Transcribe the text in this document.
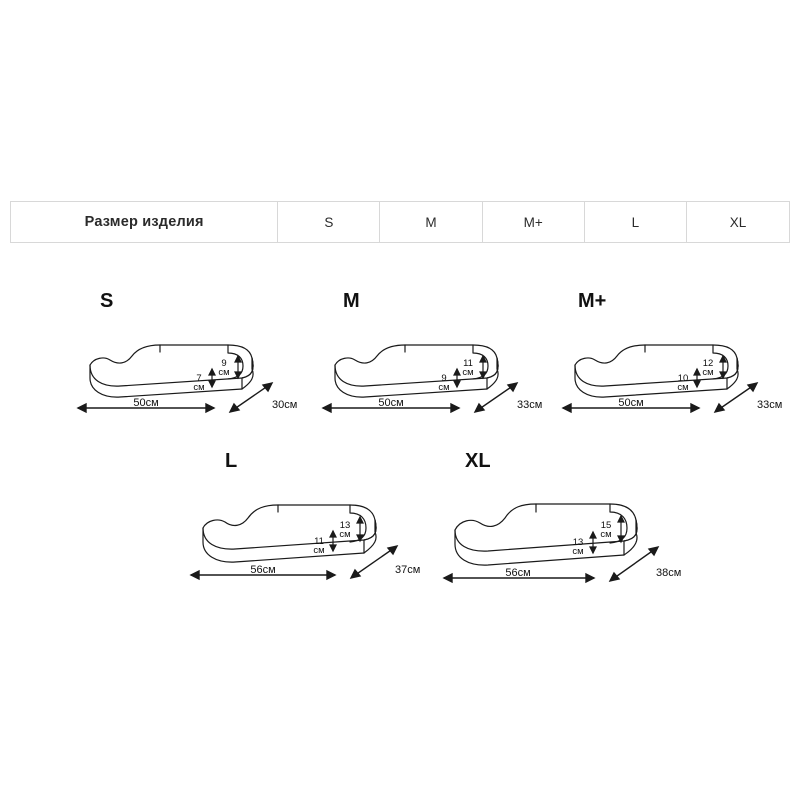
Размер изделия	S	M	M+	L	XL
S
50см	30см
9
см
7
см
M
50см	33см
11
см
9
см
M+
50см	33см
12
см
10
см
L
56см	37см
13
см
11
см
XL
56см	38см
15
см
13
см
